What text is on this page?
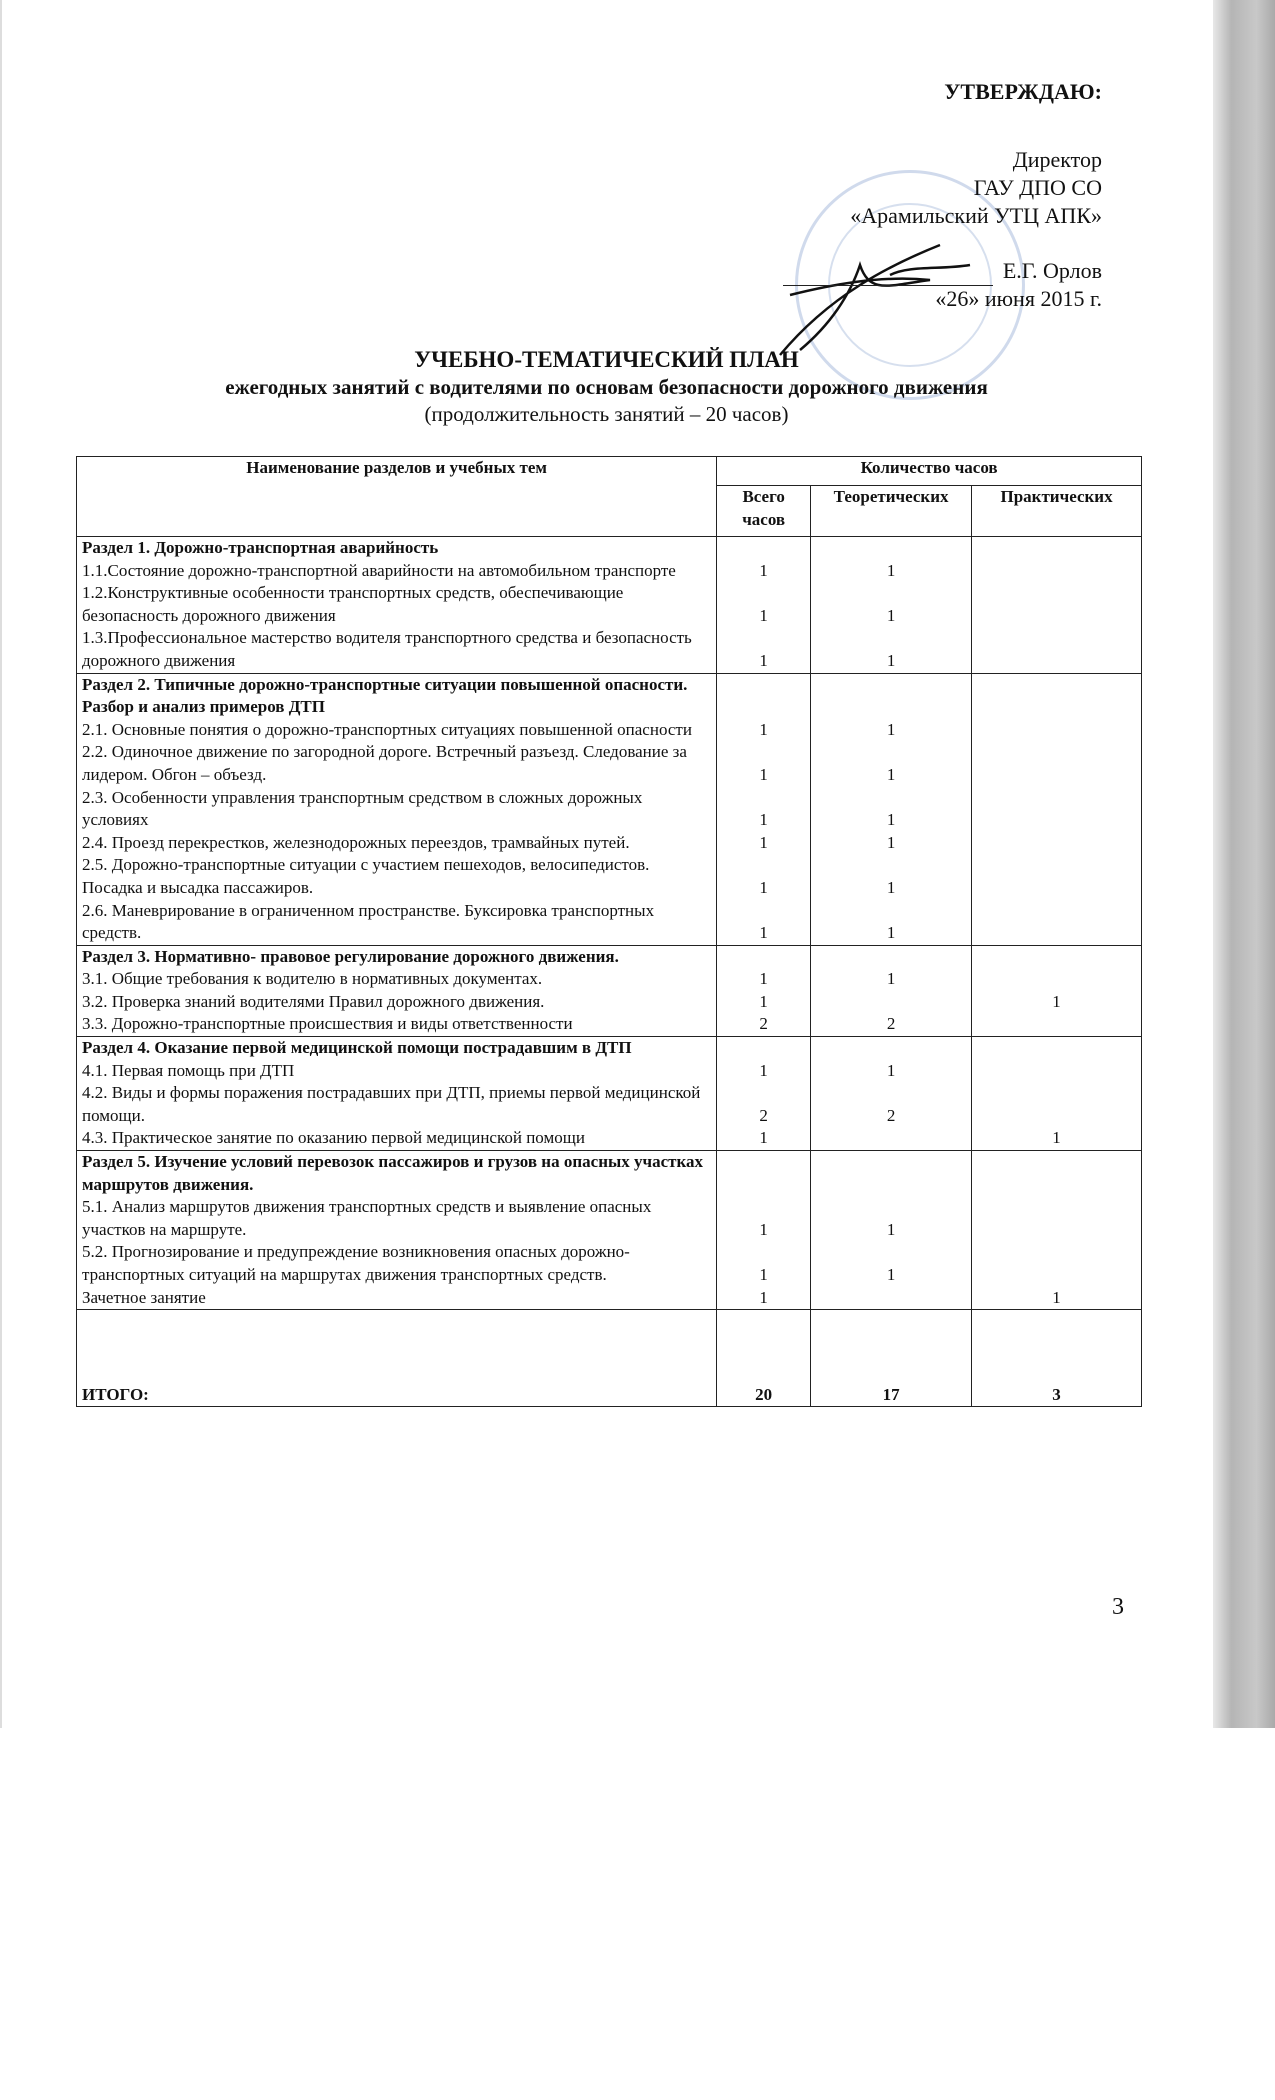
УТВЕРЖДАЮ:
Директор
ГАУ ДПО СО
«Арамильский УТЦ АПК»
Е.Г. Орлов
«26» июня 2015 г.
УЧЕБНО-ТЕМАТИЧЕСКИЙ ПЛАН
ежегодных занятий с водителями по основам безопасности дорожного движения
(продолжительность занятий – 20 часов)
Наименование разделов и учебных тем	Количество часов		
	Всего часов	Теоретических	Практических
Раздел 1. Дорожно-транспортная аварийность			
1.1.Состояние дорожно-транспортной аварийности на автомобильном транспорте	1	1	
1.2.Конструктивные особенности транспортных средств, обеспечивающие безопасность дорожного движения	1	1	
1.3.Профессиональное мастерство водителя транспортного средства и безопасность дорожного движения	1	1	
Раздел 2. Типичные дорожно-транспортные ситуации повышенной опасности. Разбор и анализ примеров ДТП			
2.1. Основные понятия о дорожно-транспортных ситуациях повышенной опасности	1	1	
2.2. Одиночное движение по загородной дороге. Встречный разъезд. Следование за лидером. Обгон – объезд.	1	1	
2.3. Особенности управления транспортным средством в сложных дорожных условиях	1	1	
2.4. Проезд перекрестков, железнодорожных переездов, трамвайных путей.	1	1	
2.5. Дорожно-транспортные ситуации с участием пешеходов, велосипедистов. Посадка и высадка пассажиров.	1	1	
2.6. Маневрирование в ограниченном пространстве. Буксировка транспортных средств.	1	1	
Раздел 3. Нормативно- правовое регулирование дорожного движения.			
3.1. Общие требования к водителю в нормативных документах.	1	1	
3.2. Проверка знаний водителями Правил дорожного движения.	1		1
3.3. Дорожно-транспортные происшествия и виды ответственности	2	2	
Раздел 4. Оказание первой медицинской помощи пострадавшим в ДТП			
4.1. Первая помощь при ДТП	1	1	
4.2. Виды и формы поражения пострадавших при ДТП, приемы первой медицинской помощи.	2	2	
4.3. Практическое занятие по оказанию первой медицинской помощи	1		1
Раздел 5. Изучение условий перевозок пассажиров и грузов на опасных участках маршрутов движения.			
5.1. Анализ маршрутов движения транспортных средств и выявление опасных участков на маршруте.	1	1	
5.2. Прогнозирование и предупреждение возникновения опасных дорожно-транспортных ситуаций на маршрутах движения транспортных средств.	1	1	
Зачетное занятие	1		1
ИТОГО:	20	17	3
3
